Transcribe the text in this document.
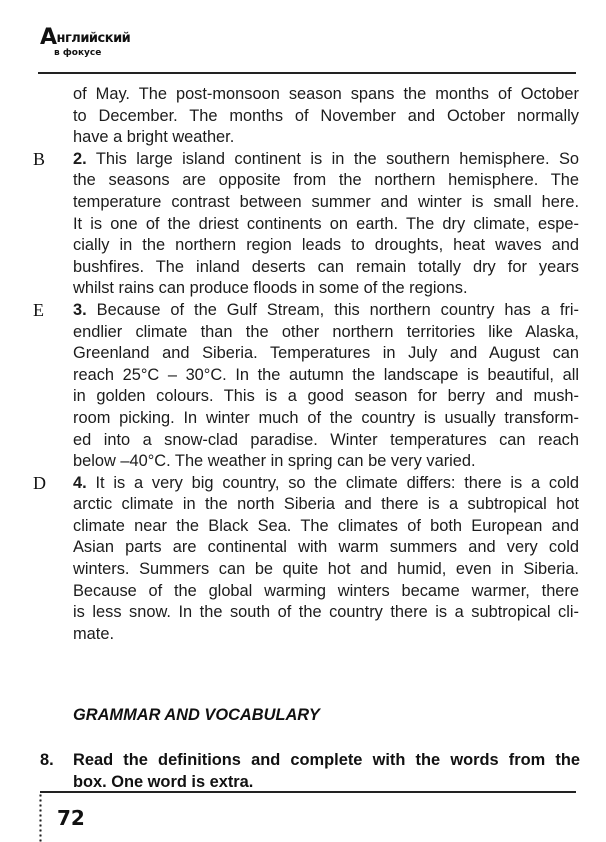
Английский
в фокусе
of May. The post-monsoon season spans the months of October
to December. The months of November and October normally
have a bright weather.
B 2. This large island continent is in the southern hemisphere. So
the seasons are opposite from the northern hemisphere. The
temperature contrast between summer and winter is small here.
It is one of the driest continents on earth. The dry climate, espe-
cially in the northern region leads to droughts, heat waves and
bushfires. The inland deserts can remain totally dry for years
whilst rains can produce floods in some of the regions.
E 3. Because of the Gulf Stream, this northern country has a fri-
endlier climate than the other northern territories like Alaska,
Greenland and Siberia. Temperatures in July and August can
reach 25°C – 30°C. In the autumn the landscape is beautiful, all
in golden colours. This is a good season for berry and mush-
room picking. In winter much of the country is usually transform-
ed into a snow-clad paradise. Winter temperatures can reach
below –40°C. The weather in spring can be very varied.
D 4. It is a very big country, so the climate differs: there is a cold
arctic climate in the north Siberia and there is a subtropical hot
climate near the Black Sea. The climates of both European and
Asian parts are continental with warm summers and very cold
winters. Summers can be quite hot and humid, even in Siberia.
Because of the global warming winters became warmer, there
is less snow. In the south of the country there is a subtropical cli-
mate.
GRAMMAR AND VOCABULARY
8. Read the definitions and complete with the words from the
box. One word is extra.
72
